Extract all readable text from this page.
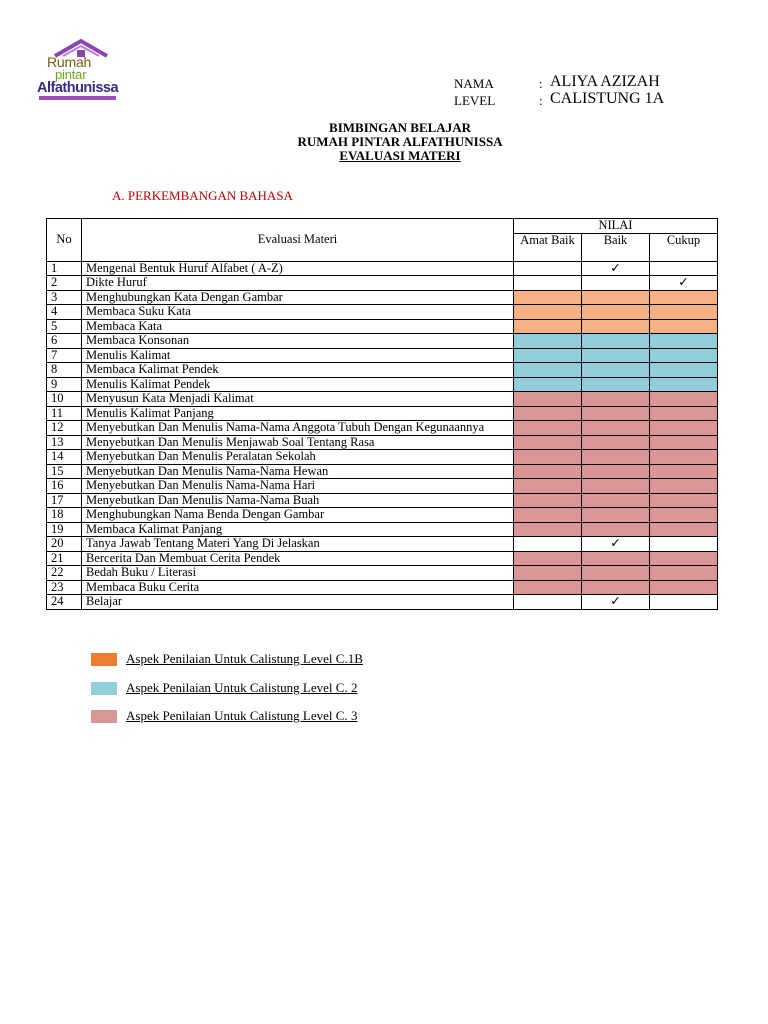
Rumah
pintar
Alfathunissa	NAMA	: ALIYA AZIZAH
LEVEL	: CALISTUNG 1A
BIMBINGAN BELAJAR
RUMAH PINTAR ALFATHUNISSA
EVALUASI MATERI
A. PERKEMBANGAN BAHASA
No	Evaluasi Materi	NILAI		
		Amat Baik	Baik	Cukup
1	Mengenal Bentuk Huruf Alfabet ( A-Z)		✓	
2	Dikte Huruf			✓
3	Menghubungkan Kata Dengan Gambar			
4	Membaca Suku Kata			
5	Membaca Kata			
6	Membaca Konsonan			
7	Menulis Kalimat			
8	Membaca Kalimat Pendek			
9	Menulis Kalimat Pendek			
10	Menyusun Kata Menjadi Kalimat			
11	Menulis Kalimat Panjang			
12	Menyebutkan Dan Menulis Nama-Nama Anggota Tubuh Dengan Kegunaannya			
13	Menyebutkan Dan Menulis Menjawab Soal Tentang Rasa			
14	Menyebutkan Dan Menulis Peralatan Sekolah			
15	Menyebutkan Dan Menulis Nama-Nama Hewan			
16	Menyebutkan Dan Menulis Nama-Nama Hari			
17	Menyebutkan Dan Menulis Nama-Nama Buah			
18	Menghubungkan Nama Benda Dengan Gambar			
19	Membaca Kalimat Panjang			
20	Tanya Jawab Tentang Materi Yang Di Jelaskan		✓	
21	Bercerita Dan Membuat Cerita Pendek			
22	Bedah Buku / Literasi			
23	Membaca Buku Cerita			
24	Belajar		✓	
Aspek Penilaian Untuk Calistung Level C.1B
Aspek Penilaian Untuk Calistung Level C. 2
Aspek Penilaian Untuk Calistung Level C. 3
